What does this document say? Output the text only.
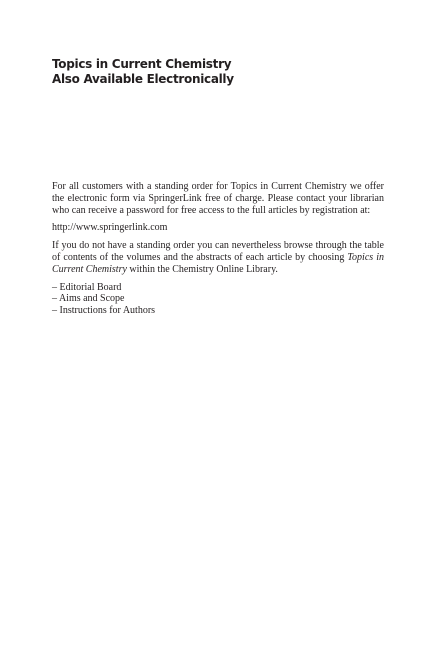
Topics in Current Chemistry
Also Available Electronically

For all customers with a standing order for Topics in Current Chemistry we offer the electronic form via SpringerLink free of charge. Please contact your librarian who can receive a password for free access to the full articles by registration at:

http://www.springerlink.com

If you do not have a standing order you can nevertheless browse through the table of contents of the volumes and the abstracts of each article by choosing Topics in Current Chemistry within the Chemistry Online Library.

– Editorial Board
– Aims and Scope
– Instructions for Authors
